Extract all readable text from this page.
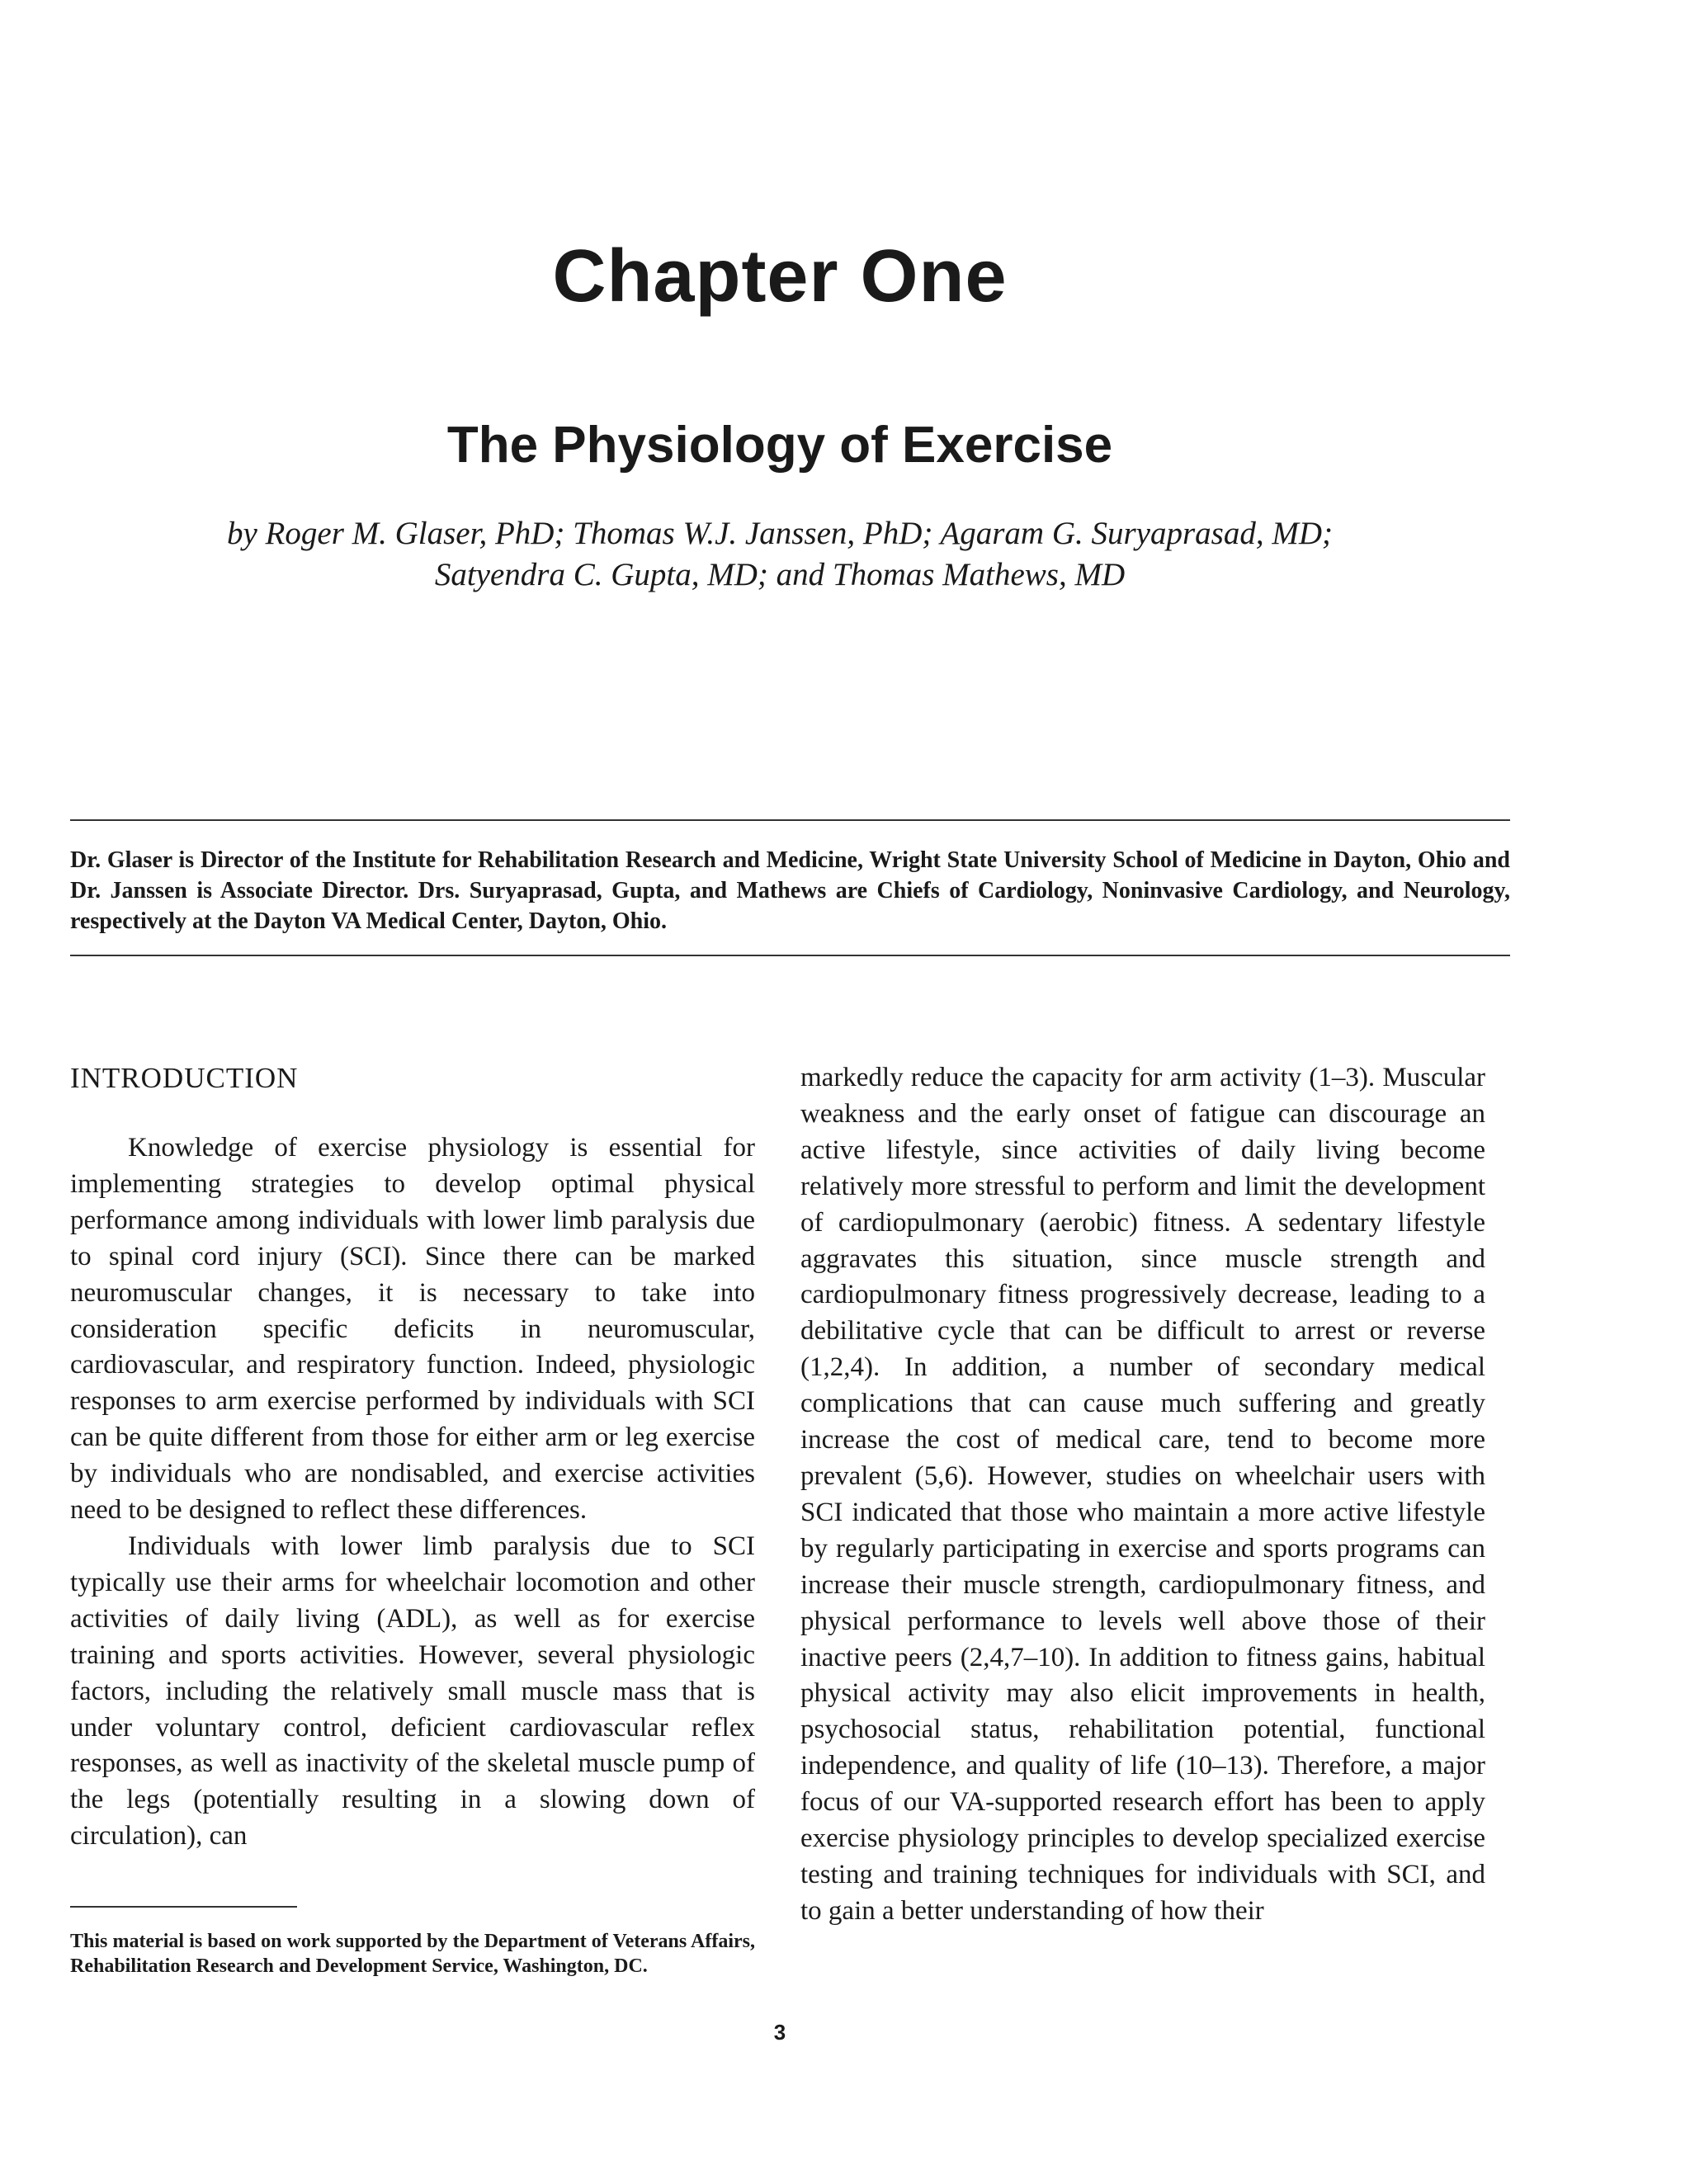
Chapter One
The Physiology of Exercise
by Roger M. Glaser, PhD; Thomas W.J. Janssen, PhD; Agaram G. Suryaprasad, MD;
Satyendra C. Gupta, MD; and Thomas Mathews, MD
Dr. Glaser is Director of the Institute for Rehabilitation Research and Medicine, Wright State University School of Medicine in Dayton, Ohio and Dr. Janssen is Associate Director. Drs. Suryaprasad, Gupta, and Mathews are Chiefs of Cardiology, Noninvasive Cardiology, and Neurology, respectively at the Dayton VA Medical Center, Dayton, Ohio.
INTRODUCTION

Knowledge of exercise physiology is essential for implementing strategies to develop optimal physical performance among individuals with lower limb paralysis due to spinal cord injury (SCI). Since there can be marked neuromuscular changes, it is necessary to take into consideration specific deficits in neuromuscular, cardiovascular, and respiratory function. Indeed, physiologic responses to arm exercise performed by individuals with SCI can be quite different from those for either arm or leg exercise by individuals who are nondisabled, and exercise activities need to be designed to reflect these differences.

Individuals with lower limb paralysis due to SCI typically use their arms for wheelchair locomotion and other activities of daily living (ADL), as well as for exercise training and sports activities. However, several physiologic factors, including the relatively small muscle mass that is under voluntary control, deficient cardiovascular reflex responses, as well as inactivity of the skeletal muscle pump of the legs (potentially resulting in a slowing down of circulation), can

markedly reduce the capacity for arm activity (1–3). Muscular weakness and the early onset of fatigue can discourage an active lifestyle, since activities of daily living become relatively more stressful to perform and limit the development of cardiopulmonary (aerobic) fitness. A sedentary lifestyle aggravates this situation, since muscle strength and cardiopulmonary fitness progressively decrease, leading to a debilitative cycle that can be difficult to arrest or reverse (1,2,4). In addition, a number of secondary medical complications that can cause much suffering and greatly increase the cost of medical care, tend to become more prevalent (5,6). However, studies on wheelchair users with SCI indicated that those who maintain a more active lifestyle by regularly participating in exercise and sports programs can increase their muscle strength, cardiopulmonary fitness, and physical performance to levels well above those of their inactive peers (2,4,7–10). In addition to fitness gains, habitual physical activity may also elicit improvements in health, psychosocial status, rehabilitation potential, functional independence, and quality of life (10–13). Therefore, a major focus of our VA-supported research effort has been to apply exercise physiology principles to develop specialized exercise testing and training techniques for individuals with SCI, and to gain a better understanding of how their

This material is based on work supported by the Department of Veterans Affairs, Rehabilitation Research and Development Service, Washington, DC.
3
